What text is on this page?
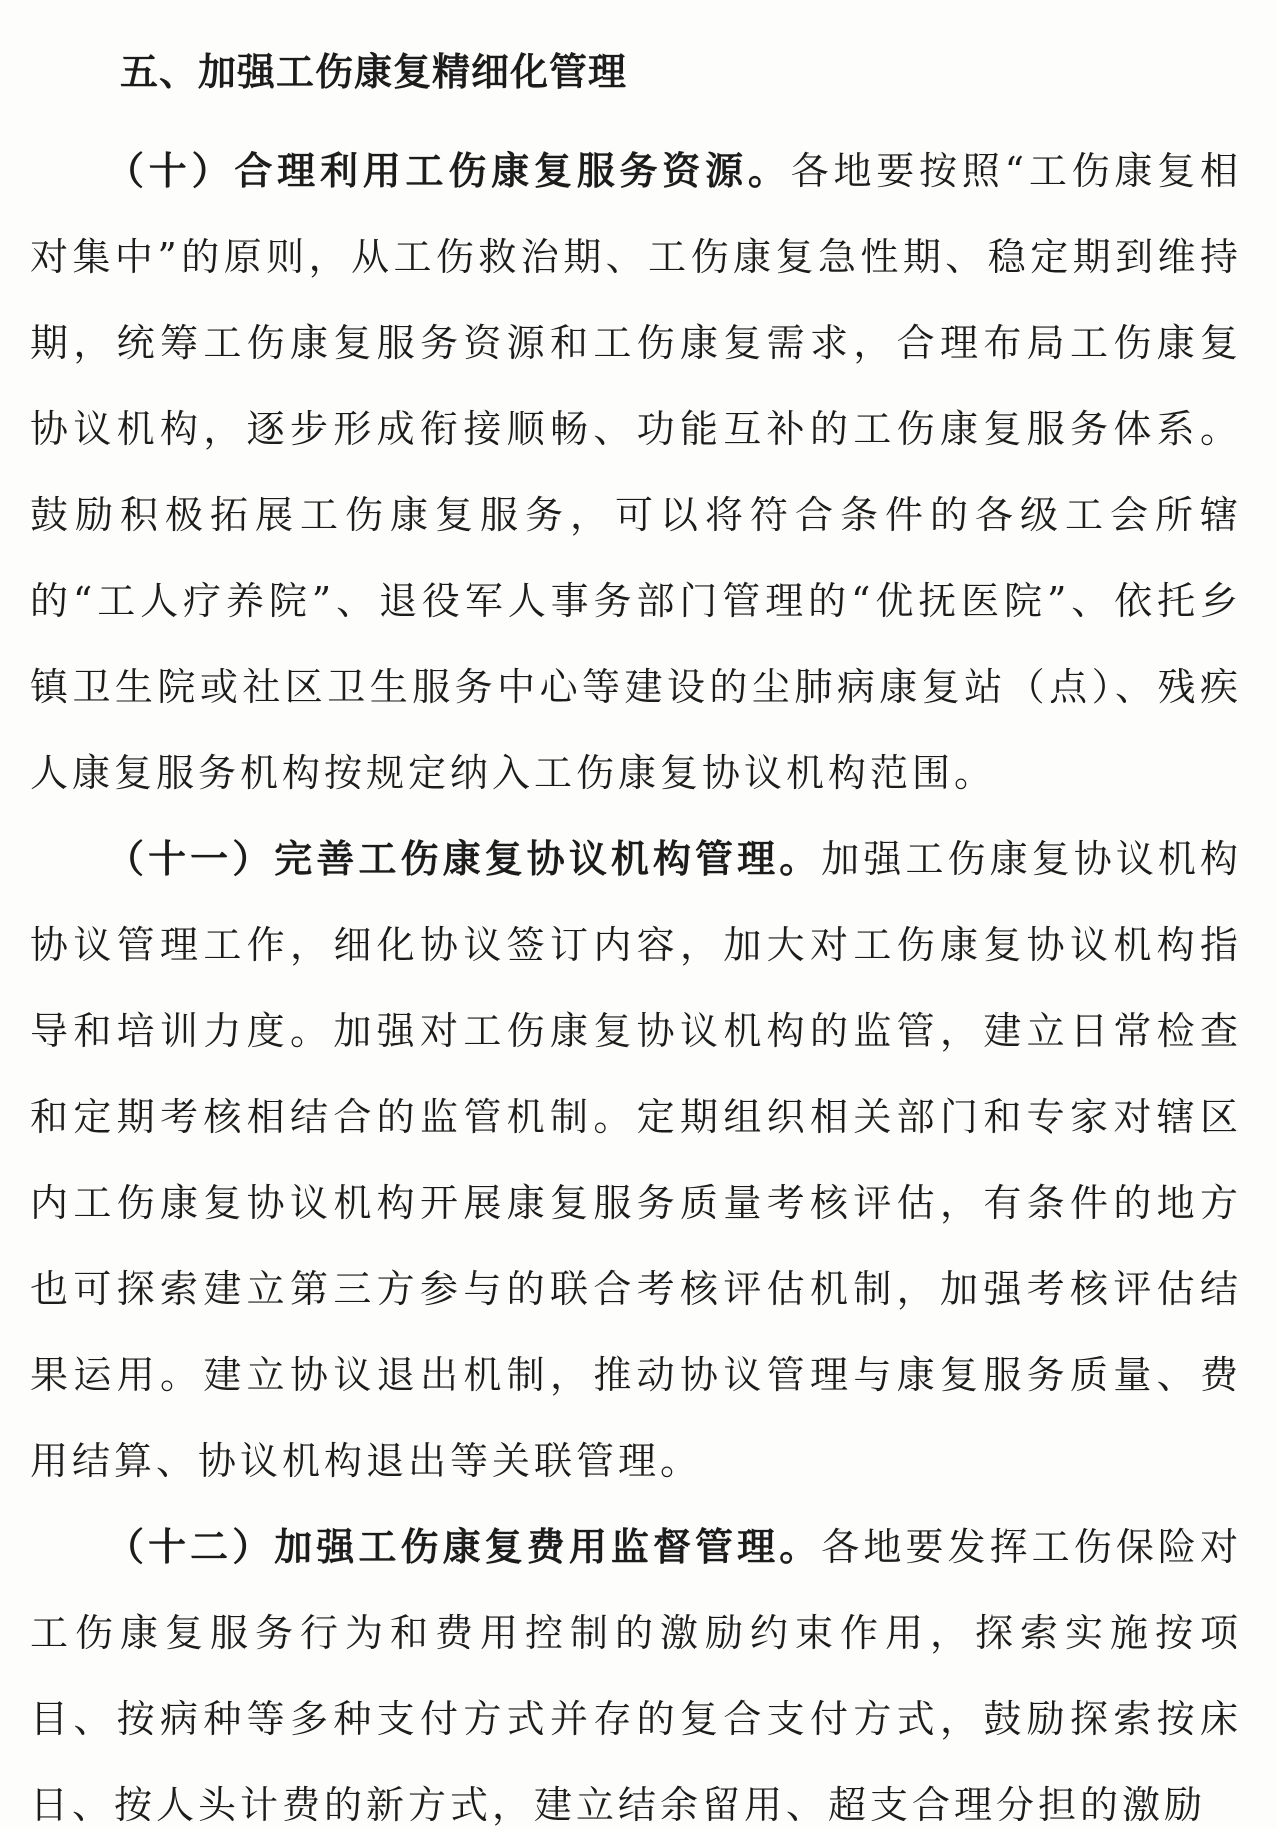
五、加强工伤康复精细化管理

（十）合理利用工伤康复服务资源。各地要按照“工伤康复相对集中”的原则，从工伤救治期、工伤康复急性期、稳定期到维持期，统筹工伤康复服务资源和工伤康复需求，合理布局工伤康复协议机构，逐步形成衔接顺畅、功能互补的工伤康复服务体系。鼓励积极拓展工伤康复服务，可以将符合条件的各级工会所辖的“工人疗养院”、退役军人事务部门管理的“优抚医院”、依托乡镇卫生院或社区卫生服务中心等建设的尘肺病康复站（点）、残疾人康复服务机构按规定纳入工伤康复协议机构范围。

（十一）完善工伤康复协议机构管理。加强工伤康复协议机构协议管理工作，细化协议签订内容，加大对工伤康复协议机构指导和培训力度。加强对工伤康复协议机构的监管，建立日常检查和定期考核相结合的监管机制。定期组织相关部门和专家对辖区内工伤康复协议机构开展康复服务质量考核评估，有条件的地方也可探索建立第三方参与的联合考核评估机制，加强考核评估结果运用。建立协议退出机制，推动协议管理与康复服务质量、费用结算、协议机构退出等关联管理。

（十二）加强工伤康复费用监督管理。各地要发挥工伤保险对工伤康复服务行为和费用控制的激励约束作用，探索实施按项目、按病种等多种支付方式并存的复合支付方式，鼓励探索按床日、按人头计费的新方式，建立结余留用、超支合理分担的激励
